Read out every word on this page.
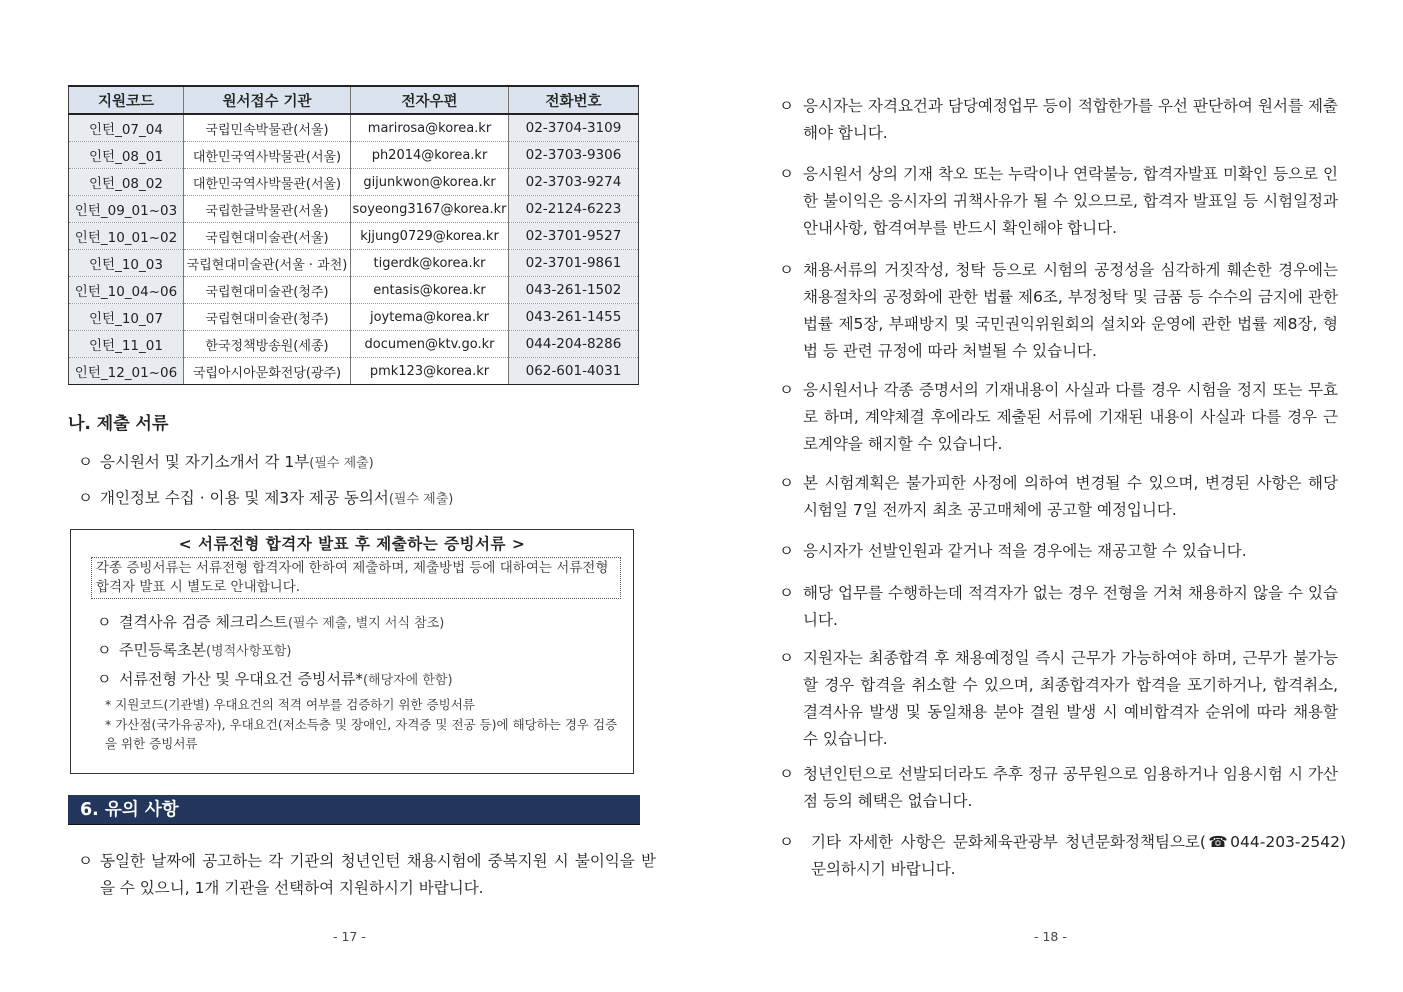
지원코드	원서접수 기관	전자우편	전화번호
인턴_07_04	국립민속박물관(서울)	marirosa@korea.kr	02-3704-3109
인턴_08_01	대한민국역사박물관(서울)	ph2014@korea.kr	02-3703-9306
인턴_08_02	대한민국역사박물관(서울)	gijunkwon@korea.kr	02-3703-9274
인턴_09_01~03	국립한글박물관(서울)	soyeong3167@korea.kr	02-2124-6223
인턴_10_01~02	국립현대미술관(서울)	kjjung0729@korea.kr	02-3701-9527
인턴_10_03	국립현대미술관(서울 · 과천)	tigerdk@korea.kr	02-3701-9861
인턴_10_04~06	국립현대미술관(청주)	entasis@korea.kr	043-261-1502
인턴_10_07	국립현대미술관(청주)	joytema@korea.kr	043-261-1455
인턴_11_01	한국정책방송원(세종)	documen@ktv.go.kr	044-204-8286
인턴_12_01~06	국립아시아문화전당(광주)	pmk123@korea.kr	062-601-4031
나. 제출 서류
ㅇ 응시원서 및 자기소개서 각 1부(필수 제출)
ㅇ 개인정보 수집 · 이용 및 제3자 제공 동의서(필수 제출)
< 서류전형 합격자 발표 후 제출하는 증빙서류 >
각종 증빙서류는 서류전형 합격자에 한하여 제출하며, 제출방법 등에 대하여는 서류전형 합격자 발표 시 별도로 안내합니다.
ㅇ 결격사유 검증 체크리스트(필수 제출, 별지 서식 참조)
ㅇ 주민등록초본(병적사항포함)
ㅇ 서류전형 가산 및 우대요건 증빙서류*(해당자에 한함)
* 지원코드(기관별) 우대요건의 적격 여부를 검증하기 위한 증빙서류
* 가산점(국가유공자), 우대요건(저소득층 및 장애인, 자격증 및 전공 등)에 해당하는 경우 검증을 위한 증빙서류
6. 유의 사항
ㅇ 동일한 날짜에 공고하는 각 기관의 청년인턴 채용시험에 중복지원 시 불이익을 받을 수 있으니, 1개 기관을 선택하여 지원하시기 바랍니다.
- 17 -
ㅇ 응시자는 자격요건과 담당예정업무 등이 적합한가를 우선 판단하여 원서를 제출해야 합니다.
ㅇ 응시원서 상의 기재 착오 또는 누락이나 연락불능, 합격자발표 미확인 등으로 인한 불이익은 응시자의 귀책사유가 될 수 있으므로, 합격자 발표일 등 시험일정과 안내사항, 합격여부를 반드시 확인해야 합니다.
ㅇ 채용서류의 거짓작성, 청탁 등으로 시험의 공정성을 심각하게 훼손한 경우에는 채용절차의 공정화에 관한 법률 제6조, 부정청탁 및 금품 등 수수의 금지에 관한 법률 제5장, 부패방지 및 국민권익위원회의 설치와 운영에 관한 법률 제8장, 형법 등 관련 규정에 따라 처벌될 수 있습니다.
ㅇ 응시원서나 각종 증명서의 기재내용이 사실과 다를 경우 시험을 정지 또는 무효로 하며, 계약체결 후에라도 제출된 서류에 기재된 내용이 사실과 다를 경우 근로계약을 해지할 수 있습니다.
ㅇ 본 시험계획은 불가피한 사정에 의하여 변경될 수 있으며, 변경된 사항은 해당 시험일 7일 전까지 최초 공고매체에 공고할 예정입니다.
ㅇ 응시자가 선발인원과 같거나 적을 경우에는 재공고할 수 있습니다.
ㅇ 해당 업무를 수행하는데 적격자가 없는 경우 전형을 거쳐 채용하지 않을 수 있습니다.
ㅇ 지원자는 최종합격 후 채용예정일 즉시 근무가 가능하여야 하며, 근무가 불가능할 경우 합격을 취소할 수 있으며, 최종합격자가 합격을 포기하거나, 합격취소, 결격사유 발생 및 동일채용 분야 결원 발생 시 예비합격자 순위에 따라 채용할 수 있습니다.
ㅇ 청년인턴으로 선발되더라도 추후 정규 공무원으로 임용하거나 임용시험 시 가산점 등의 혜택은 없습니다.
ㅇ 기타 자세한 사항은 문화체육관광부 청년문화정책팀으로(☎044-203-2542) 문의하시기 바랍니다.
- 18 -
